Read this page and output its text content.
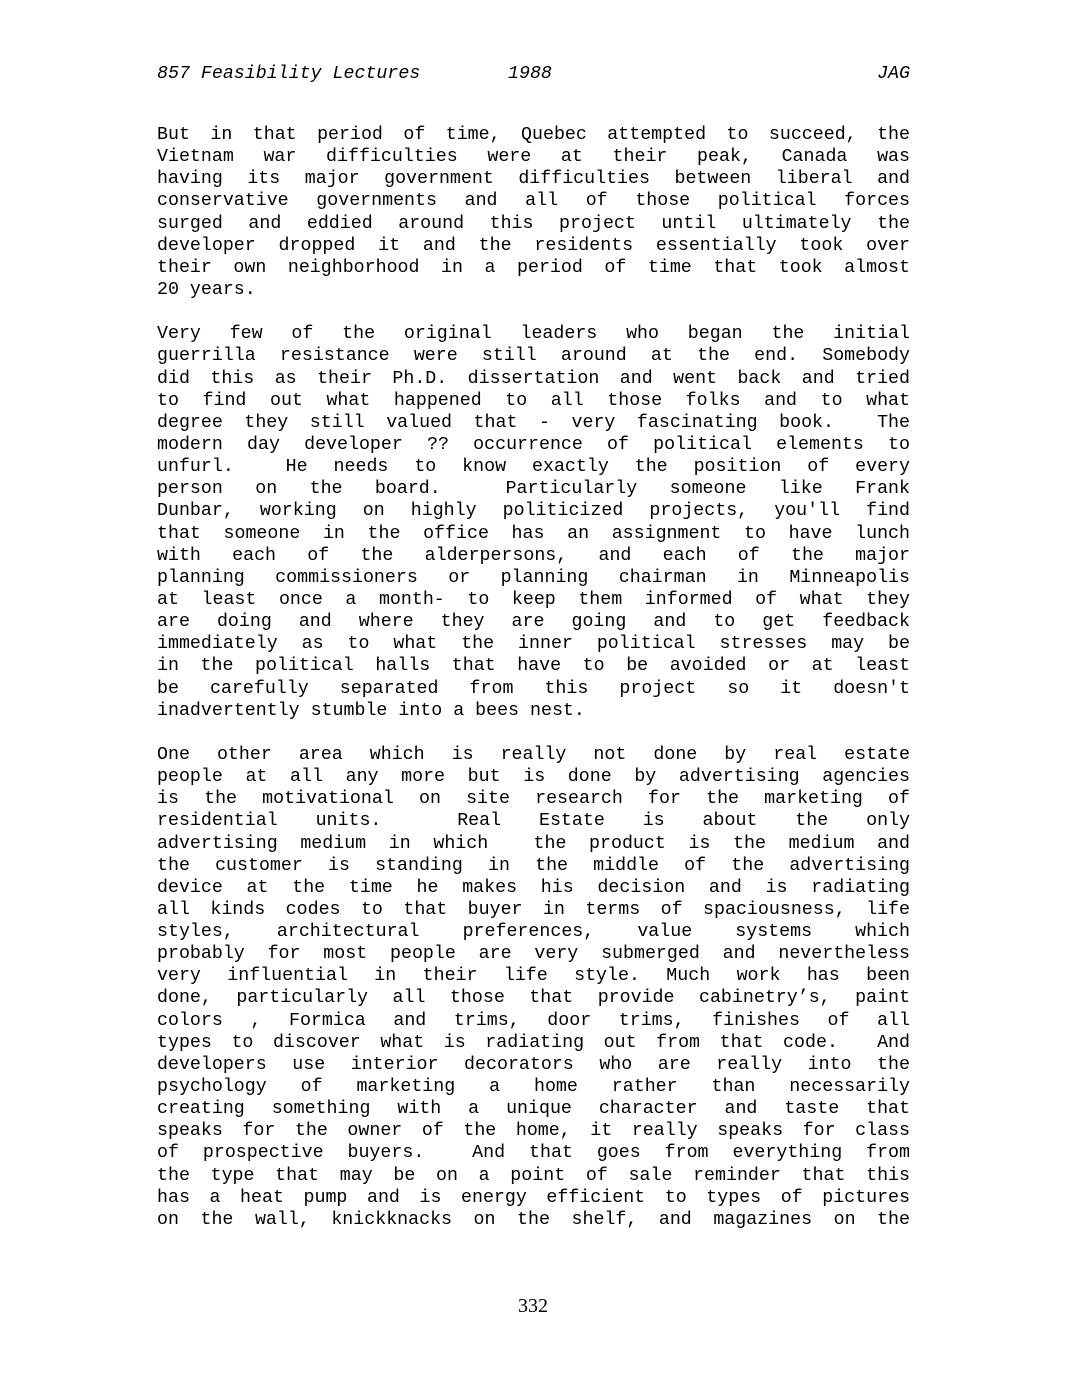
857 Feasibility Lectures	1988	JAG
But in that period of time, Quebec attempted to succeed, the
Vietnam war difficulties were at their peak, Canada was
having its major government difficulties between liberal and
conservative governments and all of those political forces
surged and eddied around this project until ultimately the
developer dropped it and the residents essentially took over
their own neighborhood in a period of time that took almost
20 years.
Very few of the original leaders who began the initial
guerrilla resistance were still around at the end. Somebody
did this as their Ph.D. dissertation and went back and tried
to find out what happened to all those folks and to what
degree they still valued that - very fascinating book.  The
modern day developer ?? occurrence of political elements to
unfurl.  He needs to know exactly the position of every
person on the board.  Particularly someone like Frank
Dunbar, working on highly politicized projects, you'll find
that someone in the office has an assignment to have lunch
with each of the alderpersons, and each of the major
planning commissioners or planning chairman in Minneapolis
at least once a month- to keep them informed of what they
are doing and where they are going and to get feedback
immediately as to what the inner political stresses may be
in the political halls that have to be avoided or at least
be carefully separated from this project so it doesn't
inadvertently stumble into a bees nest.
One other area which is really not done by real estate
people at all any more but is done by advertising agencies
is the motivational on site research for the marketing of
residential units.  Real Estate is about the only
advertising medium in which  the product is the medium and
the customer is standing in the middle of the advertising
device at the time he makes his decision and is radiating
all kinds codes to that buyer in terms of spaciousness, life
styles, architectural preferences, value systems which
probably for most people are very submerged and nevertheless
very influential in their life style. Much work has been
done, particularly all those that provide cabinetry’s, paint
colors , Formica and trims, door trims, finishes of all
types to discover what is radiating out from that code.  And
developers use interior decorators who are really into the
psychology of marketing a home rather than necessarily
creating something with a unique character and taste that
speaks for the owner of the home, it really speaks for class
of prospective buyers.  And that goes from everything from
the type that may be on a point of sale reminder that this
has a heat pump and is energy efficient to types of pictures
on the wall, knickknacks on the shelf, and magazines on the
332
